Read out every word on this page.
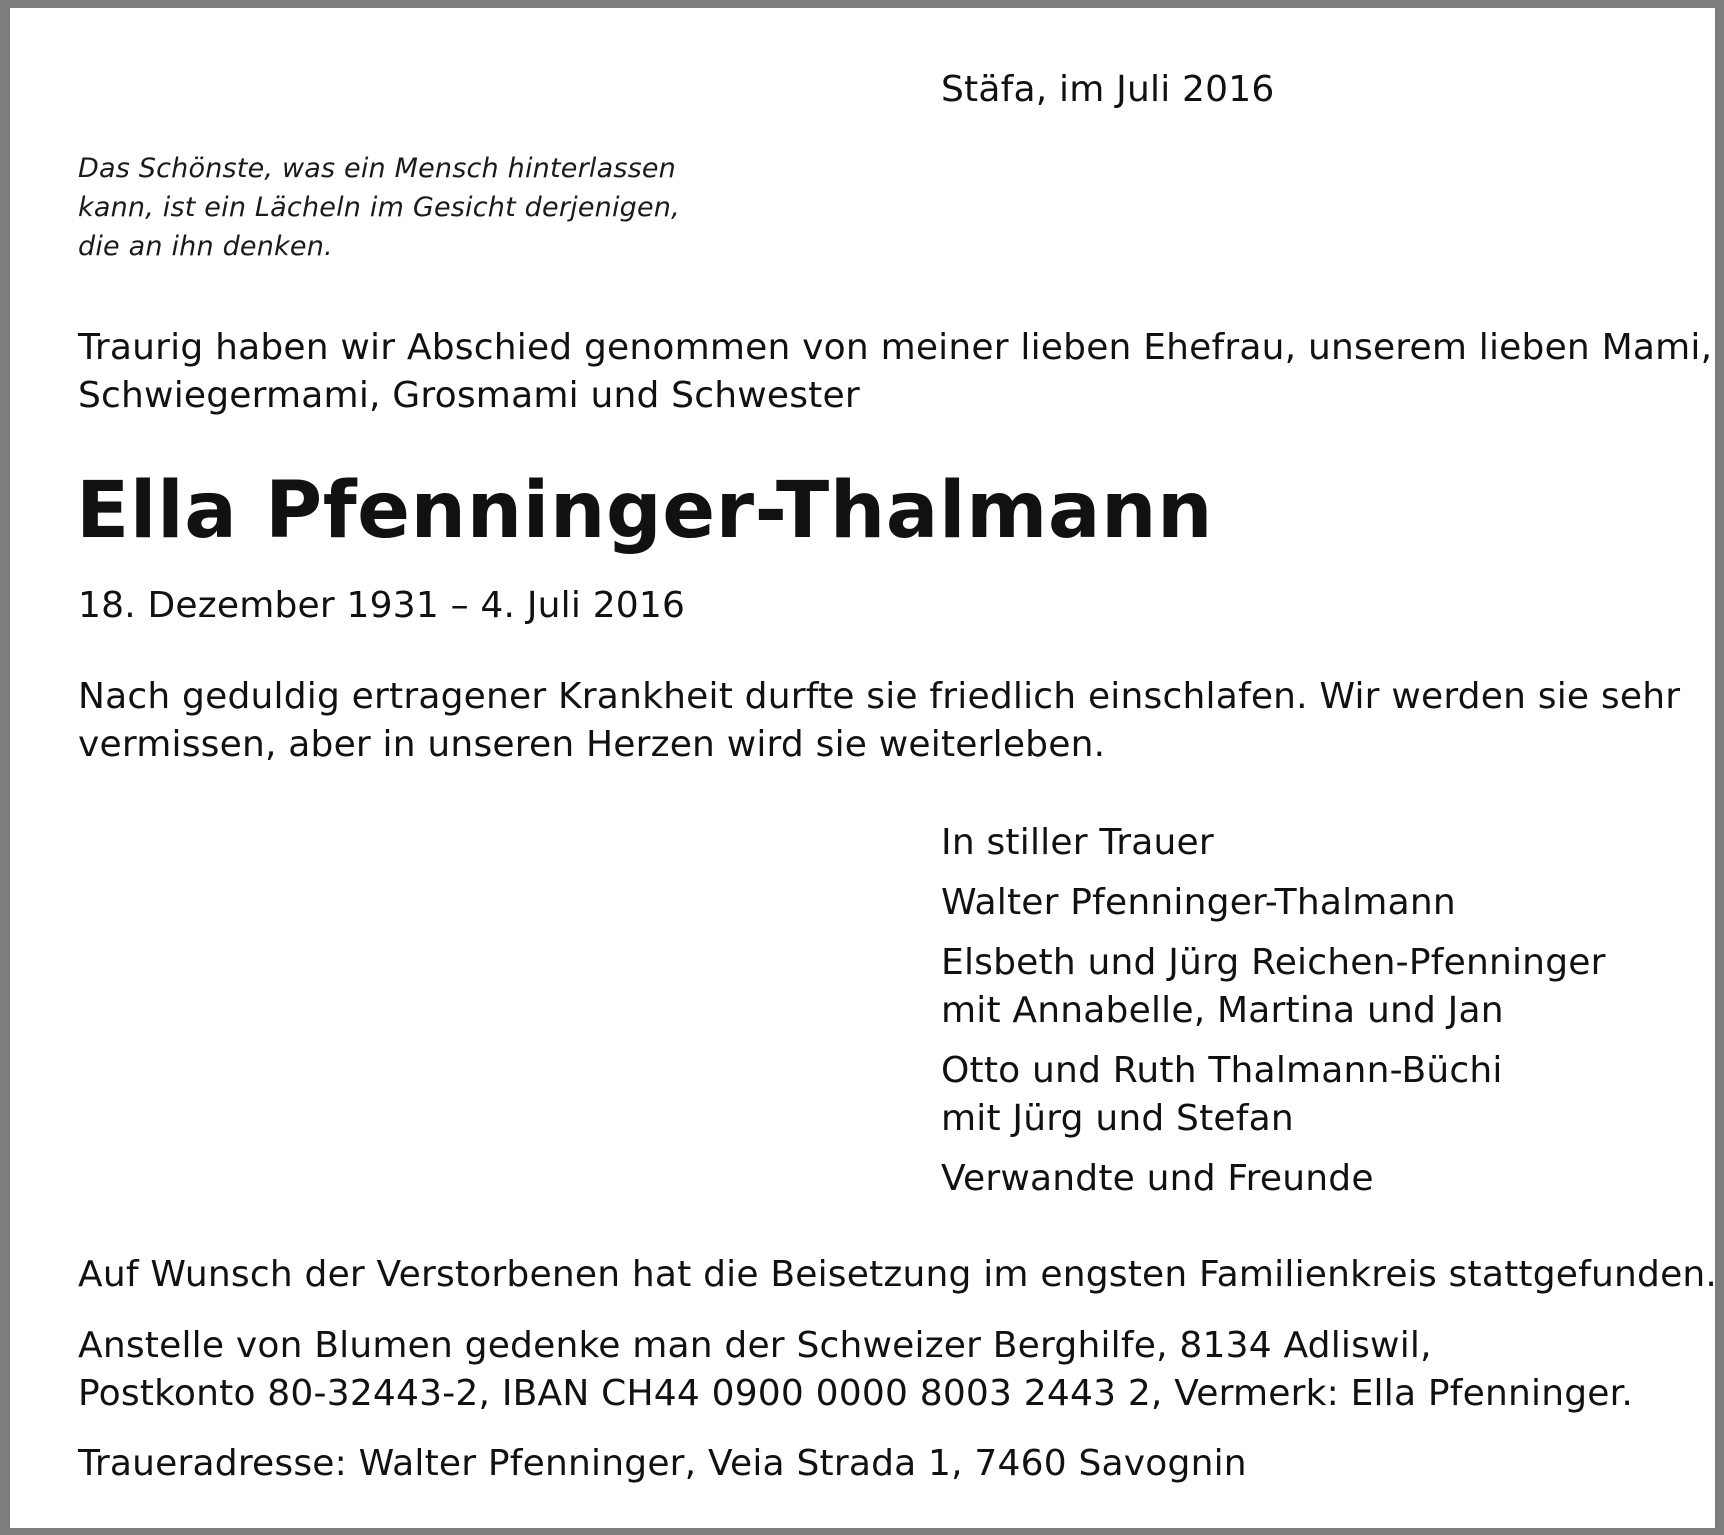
Stäfa, im Juli 2016

Das Schönste, was ein Mensch hinterlassen
kann, ist ein Lächeln im Gesicht derjenigen,
die an ihn denken.

Traurig haben wir Abschied genommen von meiner lieben Ehefrau, unserem lieben Mami,
Schwiegermami, Grosmami und Schwester

Ella Pfenninger-Thalmann

18. Dezember 1931 – 4. Juli 2016

Nach geduldig ertragener Krankheit durfte sie friedlich einschlafen. Wir werden sie sehr
vermissen, aber in unseren Herzen wird sie weiterleben.

In stiller Trauer
Walter Pfenninger-Thalmann
Elsbeth und Jürg Reichen-Pfenninger
mit Annabelle, Martina und Jan
Otto und Ruth Thalmann-Büchi
mit Jürg und Stefan
Verwandte und Freunde

Auf Wunsch der Verstorbenen hat die Beisetzung im engsten Familienkreis stattgefunden.

Anstelle von Blumen gedenke man der Schweizer Berghilfe, 8134 Adliswil,
Postkonto 80-32443-2, IBAN CH44 0900 0000 8003 2443 2, Vermerk: Ella Pfenninger.

Traueradresse: Walter Pfenninger, Veia Strada 1, 7460 Savognin
